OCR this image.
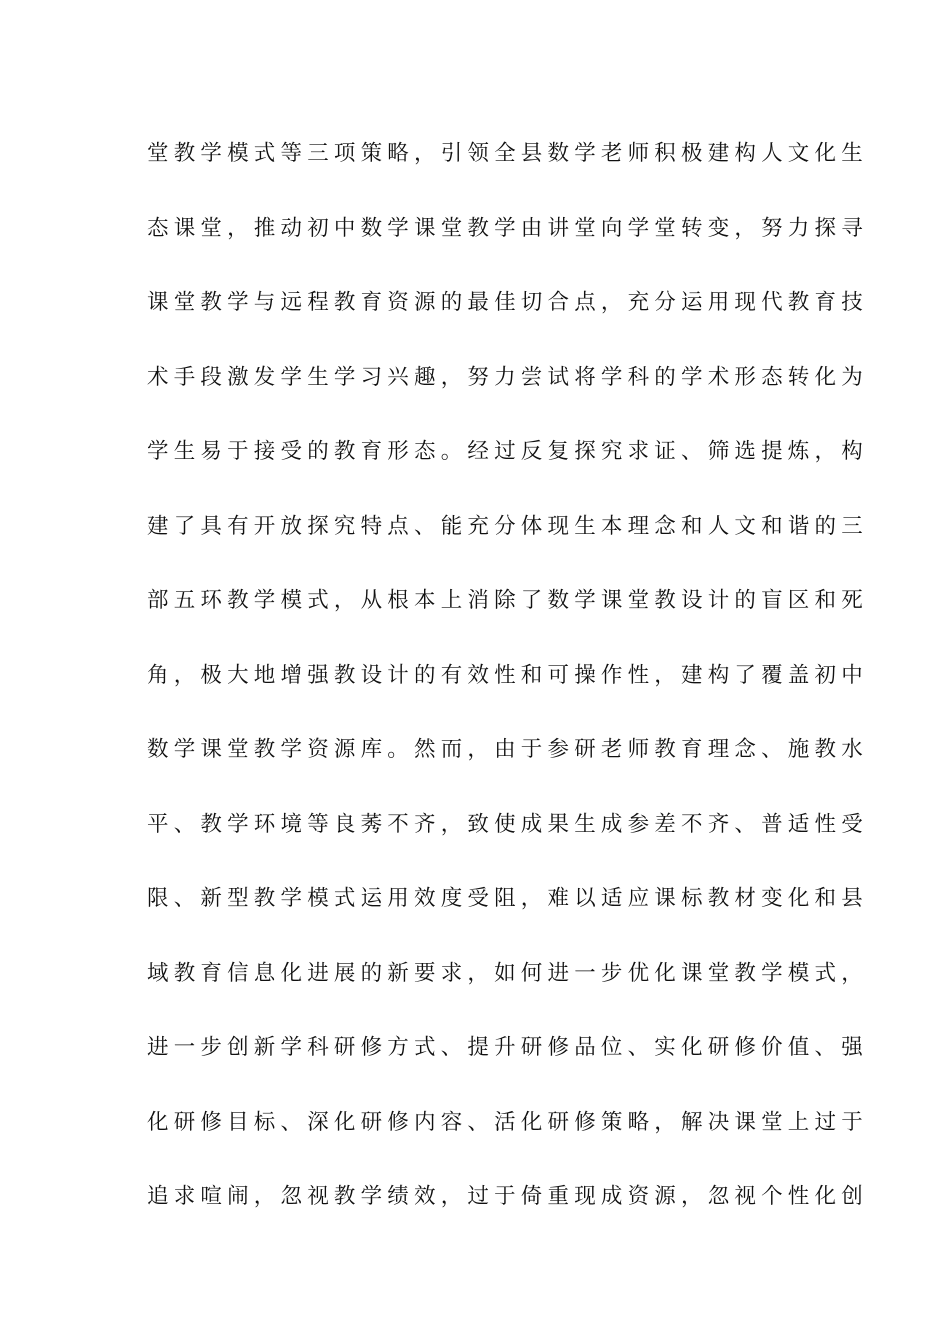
堂教学模式等三项策略，引领全县数学老师积极建构人文化生
态课堂，推动初中数学课堂教学由讲堂向学堂转变，努力探寻
课堂教学与远程教育资源的最佳切合点，充分运用现代教育技
术手段激发学生学习兴趣，努力尝试将学科的学术形态转化为
学生易于接受的教育形态。经过反复探究求证、筛选提炼，构
建了具有开放探究特点、能充分体现生本理念和人文和谐的三
部五环教学模式，从根本上消除了数学课堂教设计的盲区和死
角，极大地增强教设计的有效性和可操作性，建构了覆盖初中
数学课堂教学资源库。然而，由于参研老师教育理念、施教水
平、教学环境等良莠不齐，致使成果生成参差不齐、普适性受
限、新型教学模式运用效度受阻，难以适应课标教材变化和县
域教育信息化进展的新要求，如何进一步优化课堂教学模式，
进一步创新学科研修方式、提升研修品位、实化研修价值、强
化研修目标、深化研修内容、活化研修策略，解决课堂上过于
追求喧闹，忽视教学绩效，过于倚重现成资源，忽视个性化创
